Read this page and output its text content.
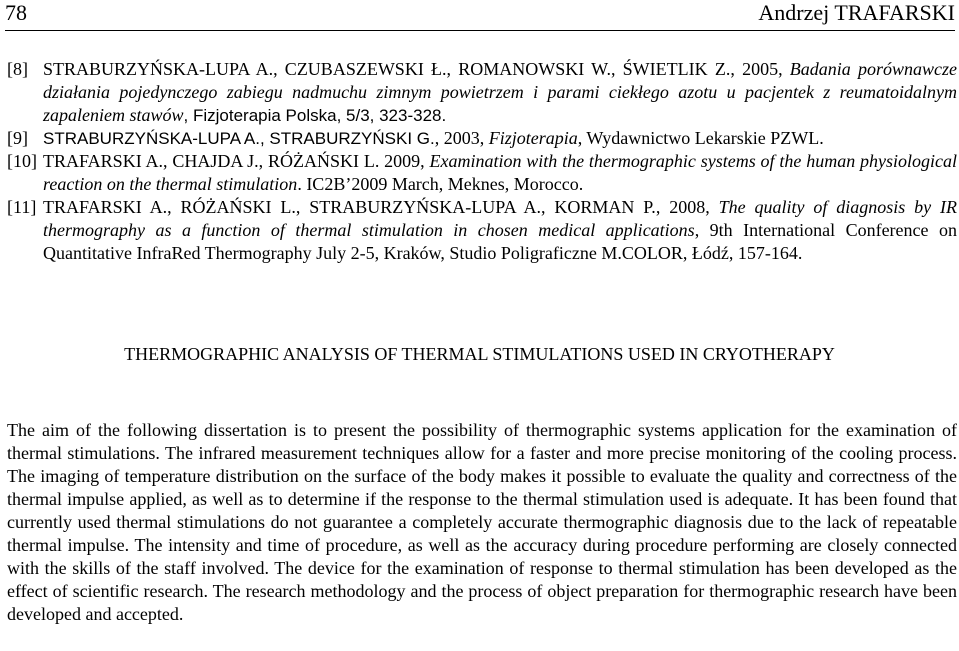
78	Andrzej TRAFARSKI
[8] STRABURZYŃSKA-LUPA A., CZUBASZEWSKI Ł., ROMANOWSKI W., ŚWIETLIK Z., 2005, Badania porównawcze działania pojedynczego zabiegu nadmuchu zimnym powietrzem i parami ciekłego azotu u pacjentek z reumatoidalnym zapaleniem stawów, Fizjoterapia Polska, 5/3, 323-328.
[9] STRABURZYŃSKA-LUPA A., STRABURZYŃSKI G., 2003, Fizjoterapia, Wydawnictwo Lekarskie PZWL.
[10] TRAFARSKI A., CHAJDA J., RÓŻAŃSKI L. 2009, Examination with the thermographic systems of the human physiological reaction on the thermal stimulation. IC2B’2009 March, Meknes, Morocco.
[11] TRAFARSKI A., RÓŻAŃSKI L., STRABURZYŃSKA-LUPA A., KORMAN P., 2008, The quality of diagnosis by IR thermography as a function of thermal stimulation in chosen medical applications, 9th International Conference on Quantitative InfraRed Thermography July 2-5, Kraków, Studio Poligraficzne M.COLOR, Łódź, 157-164.
THERMOGRAPHIC ANALYSIS OF THERMAL STIMULATIONS USED IN CRYOTHERAPY
The aim of the following dissertation is to present the possibility of thermographic systems application for the examination of thermal stimulations. The infrared measurement techniques allow for a faster and more precise monitoring of the cooling process. The imaging of temperature distribution on the surface of the body makes it possible to evaluate the quality and correctness of the thermal impulse applied, as well as to determine if the response to the thermal stimulation used is adequate. It has been found that currently used thermal stimulations do not guarantee a completely accurate thermographic diagnosis due to the lack of repeatable thermal impulse. The intensity and time of procedure, as well as the accuracy during procedure performing are closely connected with the skills of the staff involved. The device for the examination of response to thermal stimulation has been developed as the effect of scientific research. The research methodology and the process of object preparation for thermographic research have been developed and accepted.
